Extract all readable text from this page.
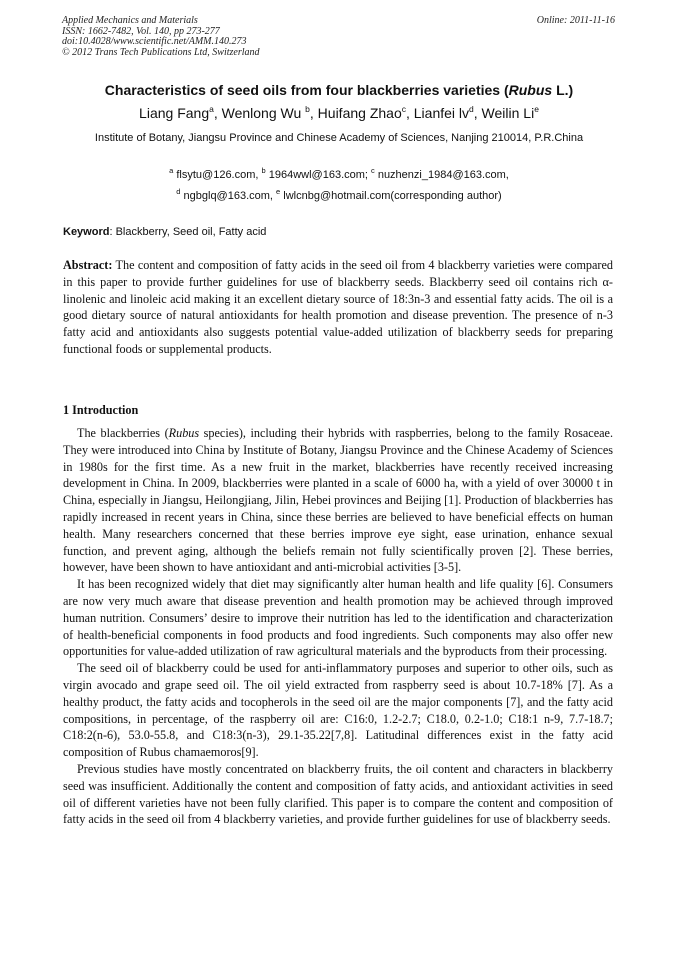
Applied Mechanics and Materials
ISSN: 1662-7482, Vol. 140, pp 273-277
doi:10.4028/www.scientific.net/AMM.140.273
© 2012 Trans Tech Publications Ltd, Switzerland
Online: 2011-11-16
Characteristics of seed oils from four blackberries varieties (Rubus L.)
Liang Fang$^a$, Wenlong Wu $^b$, Huifang Zhao$^c$, Lianfei $lv^d$, Weilin Li$^e$
Institute of Botany, Jiangsu Province and Chinese Academy of Sciences, Nanjing 210014, P.R.China
$^a$ flsytu@126.com, $^b$ 1964wwl@163.com; $^c$ nuzhenzi_1984@163.com,
$^d$ ngbglq@163.com, $^e$ lwlcnbg@hotmail.com(corresponding author)
Keyword: Blackberry, Seed oil, Fatty acid
Abstract: The content and composition of fatty acids in the seed oil from 4 blackberry varieties were compared in this paper to provide further guidelines for use of blackberry seeds. Blackberry seed oil contains rich α-linolenic and linoleic acid making it an excellent dietary source of 18:3n-3 and essential fatty acids. The oil is a good dietary source of natural antioxidants for health promotion and disease prevention. The presence of n-3 fatty acid and antioxidants also suggests potential value-added utilization of blackberry seeds for preparing functional foods or supplemental products.
1 Introduction

The blackberries (Rubus species), including their hybrids with raspberries, belong to the family Rosaceae. They were introduced into China by Institute of Botany, Jiangsu Province and the Chinese Academy of Sciences in 1980s for the first time. As a new fruit in the market, blackberries have recently received increasing development in China. In 2009, blackberries were planted in a scale of 6000 ha, with a yield of over 30000 t in China, especially in Jiangsu, Heilongjiang, Jilin, Hebei provinces and Beijing [1]. Production of blackberries has rapidly increased in recent years in China, since these berries are believed to have beneficial effects on human health. Many researchers concerned that these berries improve eye sight, ease urination, enhance sexual function, and prevent aging, although the beliefs remain not fully scientifically proven [2]. These berries, however, have been shown to have antioxidant and anti-microbial activities [3-5].

It has been recognized widely that diet may significantly alter human health and life quality [6]. Consumers are now very much aware that disease prevention and health promotion may be achieved through improved human nutrition. Consumers’ desire to improve their nutrition has led to the identification and characterization of health-beneficial components in food products and food ingredients. Such components may also offer new opportunities for value-added utilization of raw agricultural materials and the byproducts from their processing.

The seed oil of blackberry could be used for anti-inflammatory purposes and superior to other oils, such as virgin avocado and grape seed oil. The oil yield extracted from raspberry seed is about 10.7-18% [7]. As a healthy product, the fatty acids and tocopherols in the seed oil are the major components [7], and the fatty acid compositions, in percentage, of the raspberry oil are: C16:0, 1.2-2.7; C18.0, 0.2-1.0; C18:1 n-9, 7.7-18.7; C18:2(n-6), 53.0-55.8, and C18:3(n-3), 29.1-35.22[7,8]. Latitudinal differences exist in the fatty acid composition of Rubus chamaemoros[9].

Previous studies have mostly concentrated on blackberry fruits, the oil content and characters in blackberry seed was insufficient. Additionally the content and composition of fatty acids, and antioxidant activities in seed oil of different varieties have not been fully clarified. This paper is to compare the content and composition of fatty acids in the seed oil from 4 blackberry varieties, and provide further guidelines for use of blackberry seeds.
